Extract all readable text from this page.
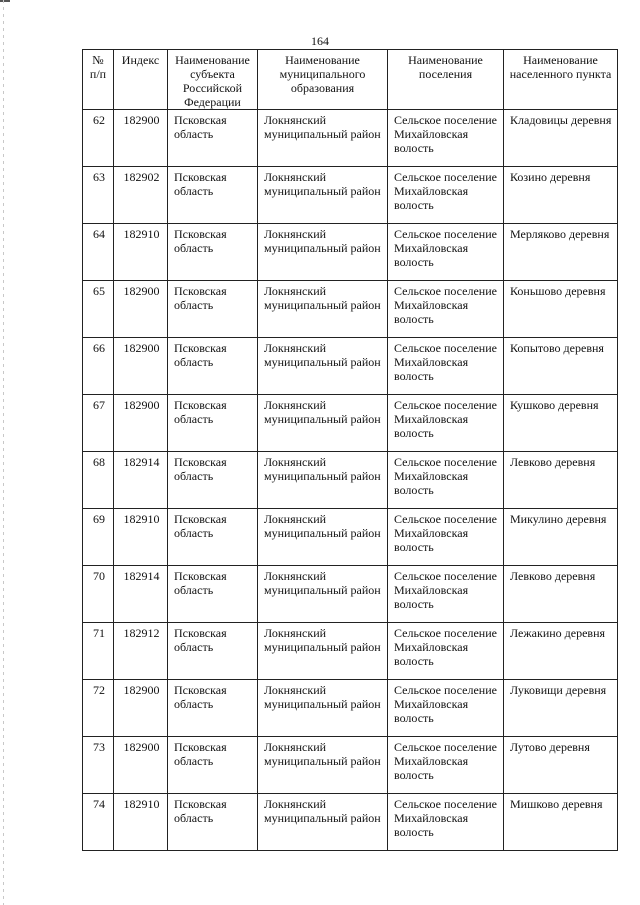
164
№ п/п	Индекс	Наименование субъекта Российской Федерации	Наименование муниципального образования	Наименование поселения	Наименование населенного пункта
62	182900	Псковская область	Локнянский муниципальный район	Сельское поселение Михайловская волость	Кладовицы деревня
63	182902	Псковская область	Локнянский муниципальный район	Сельское поселение Михайловская волость	Козино деревня
64	182910	Псковская область	Локнянский муниципальный район	Сельское поселение Михайловская волость	Мерляково деревня
65	182900	Псковская область	Локнянский муниципальный район	Сельское поселение Михайловская волость	Коньшово деревня
66	182900	Псковская область	Локнянский муниципальный район	Сельское поселение Михайловская волость	Копытово деревня
67	182900	Псковская область	Локнянский муниципальный район	Сельское поселение Михайловская волость	Кушково деревня
68	182914	Псковская область	Локнянский муниципальный район	Сельское поселение Михайловская волость	Левково деревня
69	182910	Псковская область	Локнянский муниципальный район	Сельское поселение Михайловская волость	Микулино деревня
70	182914	Псковская область	Локнянский муниципальный район	Сельское поселение Михайловская волость	Левково деревня
71	182912	Псковская область	Локнянский муниципальный район	Сельское поселение Михайловская волость	Лежакино деревня
72	182900	Псковская область	Локнянский муниципальный район	Сельское поселение Михайловская волость	Луковищи деревня
73	182900	Псковская область	Локнянский муниципальный район	Сельское поселение Михайловская волость	Лутово деревня
74	182910	Псковская область	Локнянский муниципальный район	Сельское поселение Михайловская волость	Мишково деревня
